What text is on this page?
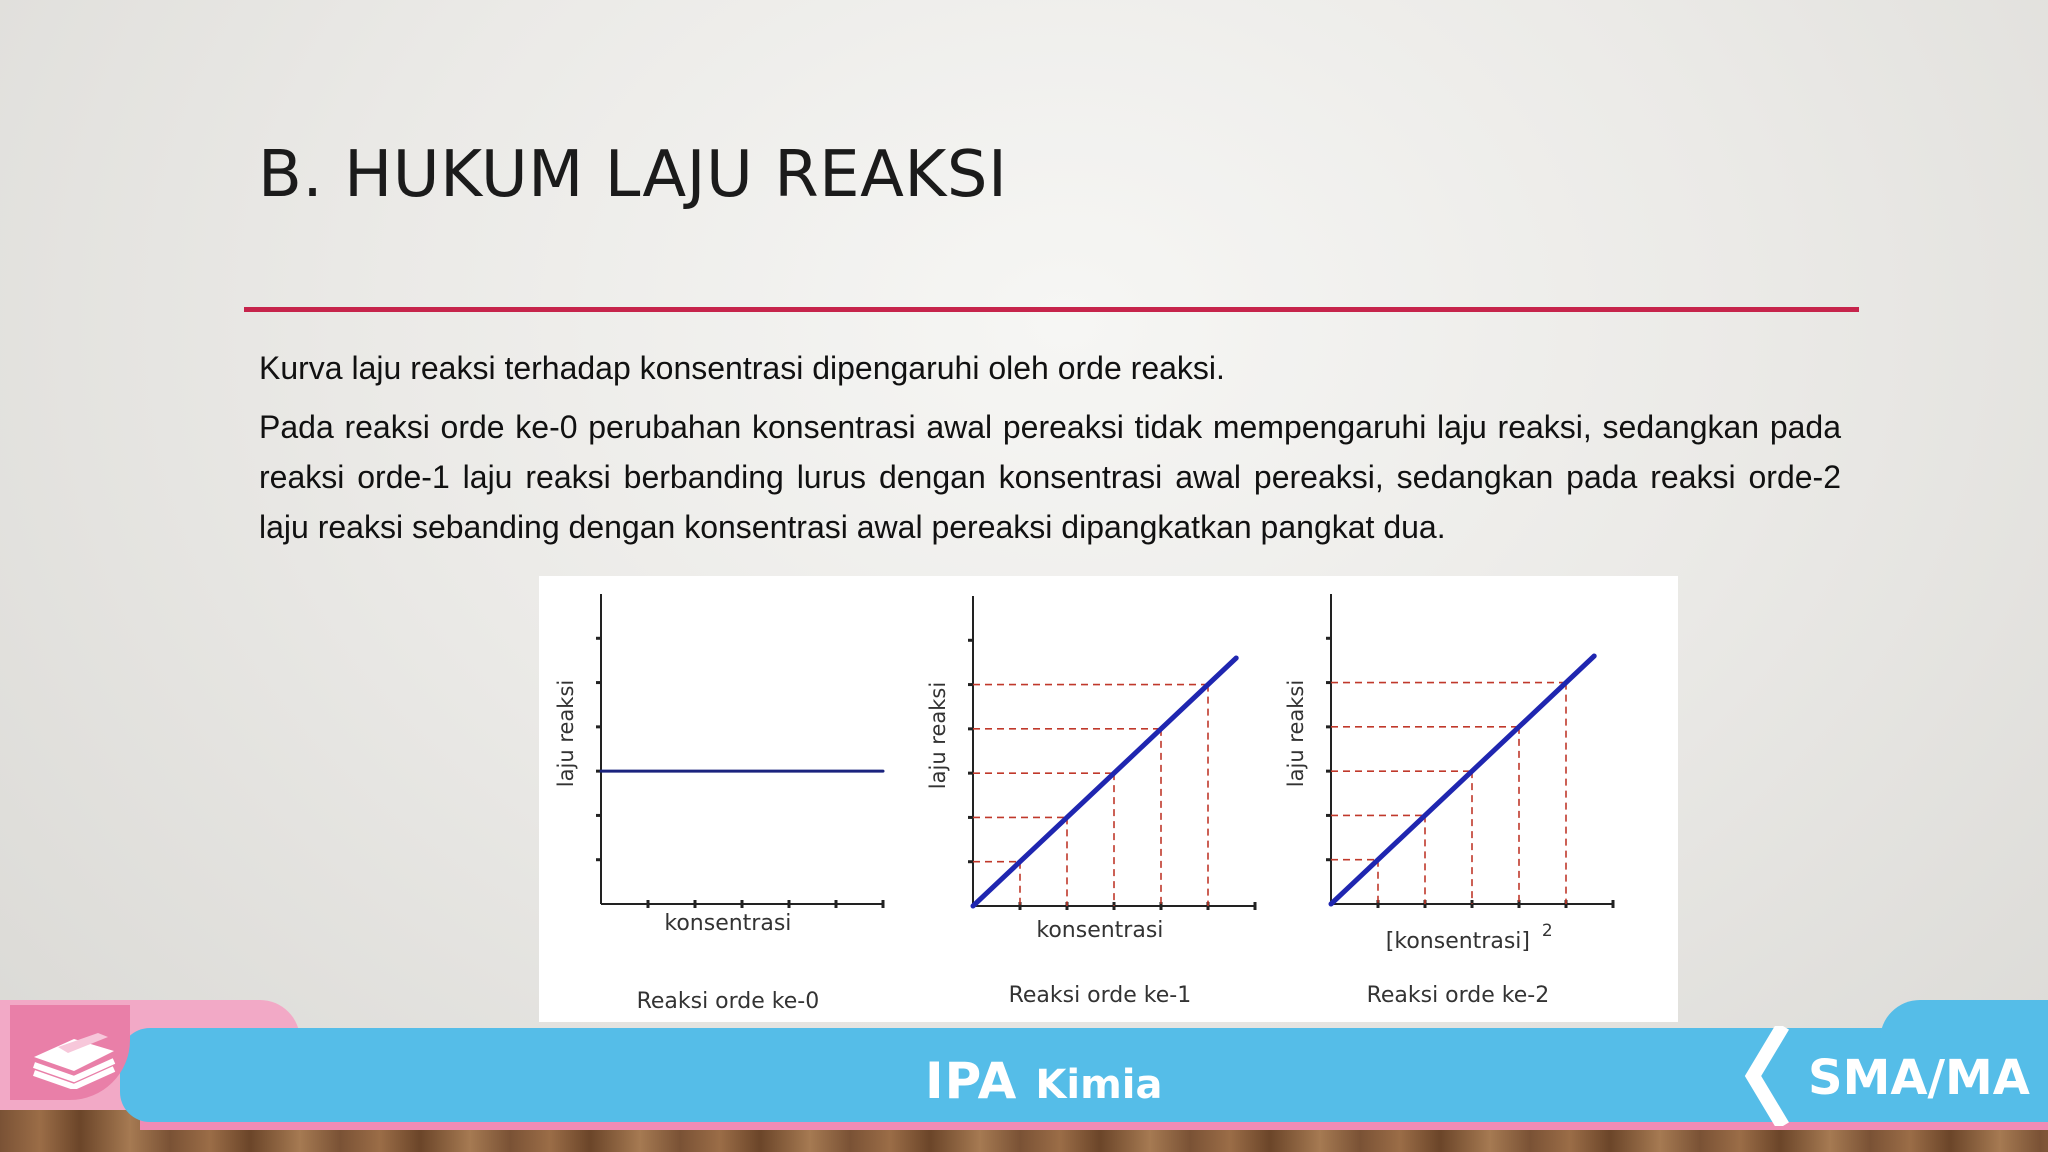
B. HUKUM LAJU REAKSI

Kurva laju reaksi terhadap konsentrasi dipengaruhi oleh orde reaksi.

Pada reaksi orde ke-0 perubahan konsentrasi awal pereaksi tidak mempengaruhi laju reaksi, sedangkan pada reaksi orde-1 laju reaksi berbanding lurus dengan konsentrasi awal pereaksi, sedangkan pada reaksi orde-2 laju reaksi sebanding dengan konsentrasi awal pereaksi dipangkatkan pangkat dua.

laju reaksi
konsentrasi
Reaksi orde ke-0
laju reaksi
konsentrasi
Reaksi orde ke-1
laju reaksi
[konsentrasi] 2
Reaksi orde ke-2
IPA Kimia	SMA/MA
